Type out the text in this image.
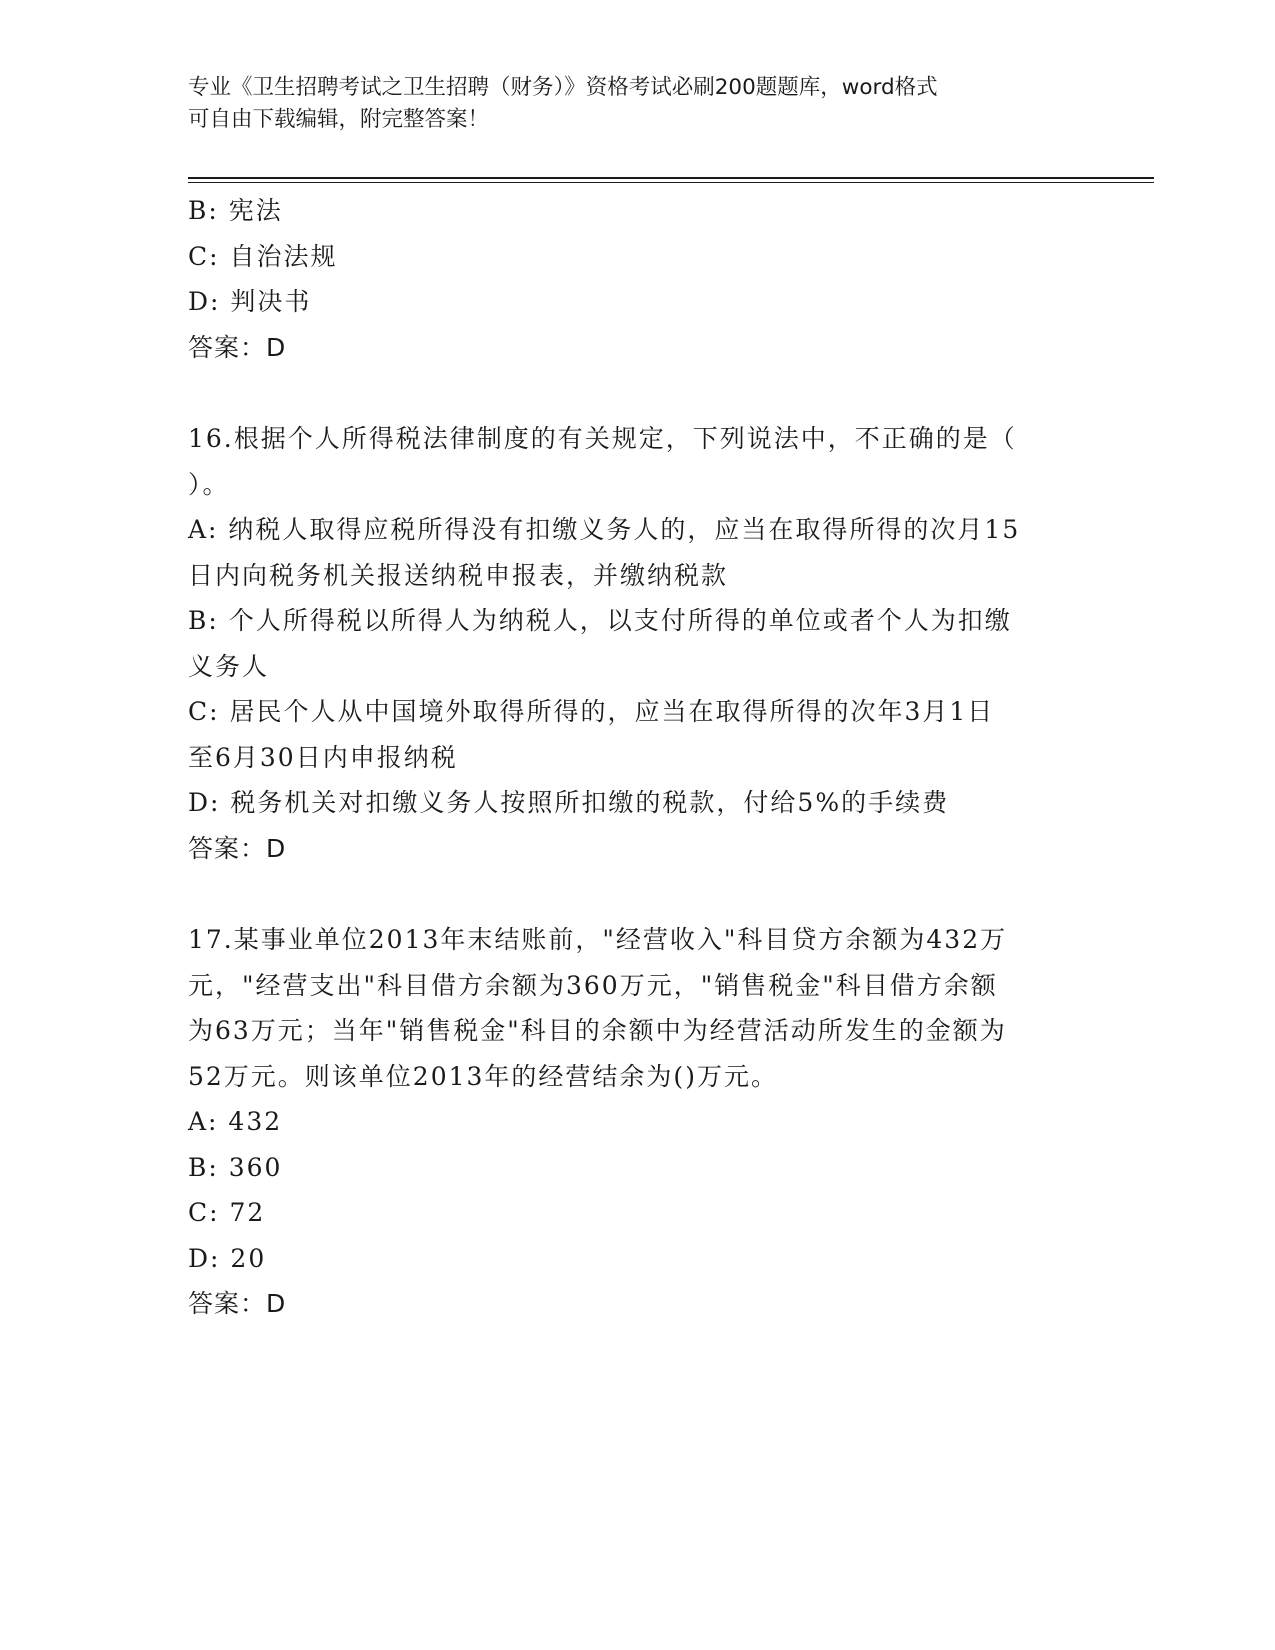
专业《卫生招聘考试之卫生招聘（财务）》资格考试必刷200题题库，word格式
可自由下载编辑，附完整答案！
B: 宪法
C: 自治法规
D: 判决书
答案：D
16.根据个人所得税法律制度的有关规定，下列说法中，不正确的是（
）。
A: 纳税人取得应税所得没有扣缴义务人的，应当在取得所得的次月15
日内向税务机关报送纳税申报表，并缴纳税款
B: 个人所得税以所得人为纳税人，以支付所得的单位或者个人为扣缴
义务人
C: 居民个人从中国境外取得所得的，应当在取得所得的次年3月1日
至6月30日内申报纳税
D: 税务机关对扣缴义务人按照所扣缴的税款，付给5%的手续费
答案：D
17.某事业单位2013年末结账前，"经营收入"科目贷方余额为432万
元，"经营支出"科目借方余额为360万元，"销售税金"科目借方余额
为63万元；当年"销售税金"科目的余额中为经营活动所发生的金额为
52万元。则该单位2013年的经营结余为()万元。
A: 432
B: 360
C: 72
D: 20
答案：D
